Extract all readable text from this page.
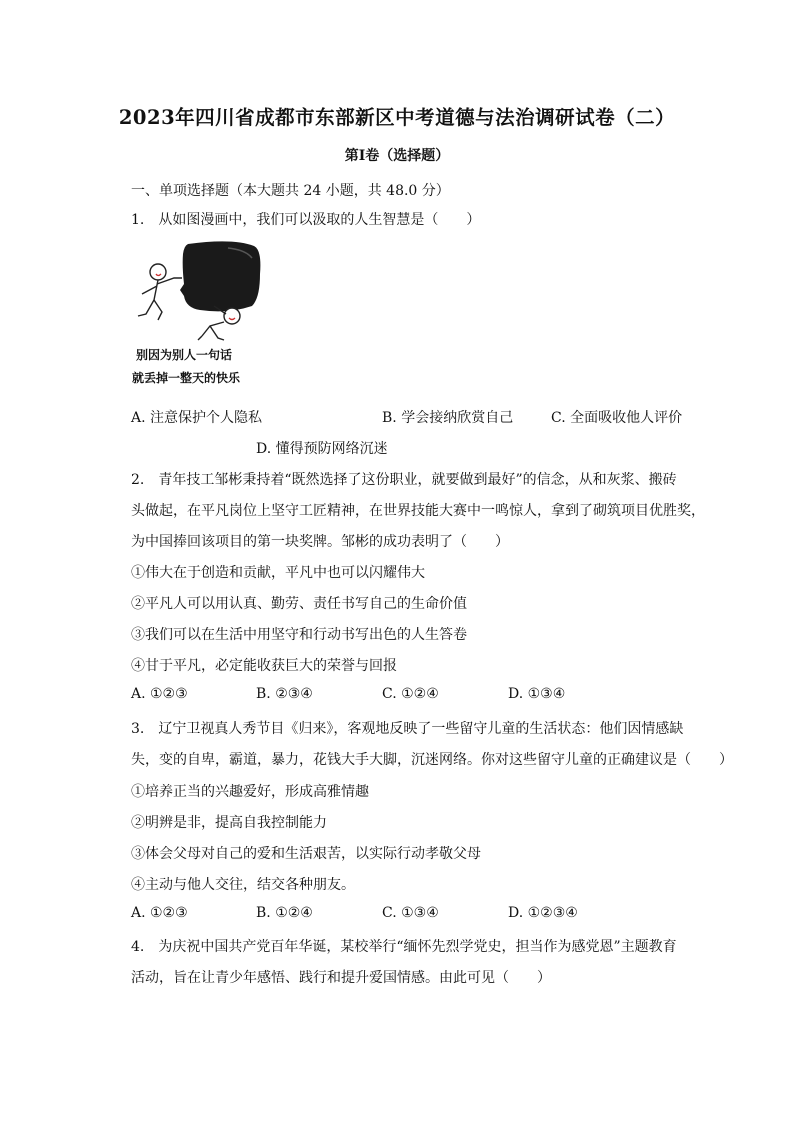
2023年四川省成都市东部新区中考道德与法治调研试卷（二）
第Ⅰ卷（选择题）
一、单项选择题（本大题共 24 小题，共 48.0 分）
1.　从如图漫画中，我们可以汲取的人生智慧是（　　）
别因为别人一句话
就丢掉一整天的快乐
A. 注意保护个人隐私	B. 学会接纳欣赏自己	C. 全面吸收他人评价
D. 懂得预防网络沉迷
2.　青年技工邹彬秉持着“既然选择了这份职业，就要做到最好”的信念，从和灰浆、搬砖
头做起，在平凡岗位上坚守工匠精神，在世界技能大赛中一鸣惊人，拿到了砌筑项目优胜奖，
为中国捧回该项目的第一块奖牌。邹彬的成功表明了（　　）
①伟大在于创造和贡献，平凡中也可以闪耀伟大
②平凡人可以用认真、勤劳、责任书写自己的生命价值
③我们可以在生活中用坚守和行动书写出色的人生答卷
④甘于平凡，必定能收获巨大的荣誉与回报
A. ①②③	B. ②③④	C. ①②④	D. ①③④
3.　辽宁卫视真人秀节目《归来》，客观地反映了一些留守儿童的生活状态：他们因情感缺
失，变的自卑，霸道，暴力，花钱大手大脚，沉迷网络。你对这些留守儿童的正确建议是（　　）
①培养正当的兴趣爱好，形成高雅情趣
②明辨是非，提高自我控制能力
③体会父母对自己的爱和生活艰苦，以实际行动孝敬父母
④主动与他人交往，结交各种朋友。
A. ①②③	B. ①②④	C. ①③④	D. ①②③④
4.　为庆祝中国共产党百年华诞，某校举行“缅怀先烈学党史，担当作为感党恩”主题教育
活动，旨在让青少年感悟、践行和提升爱国情感。由此可见（　　）
